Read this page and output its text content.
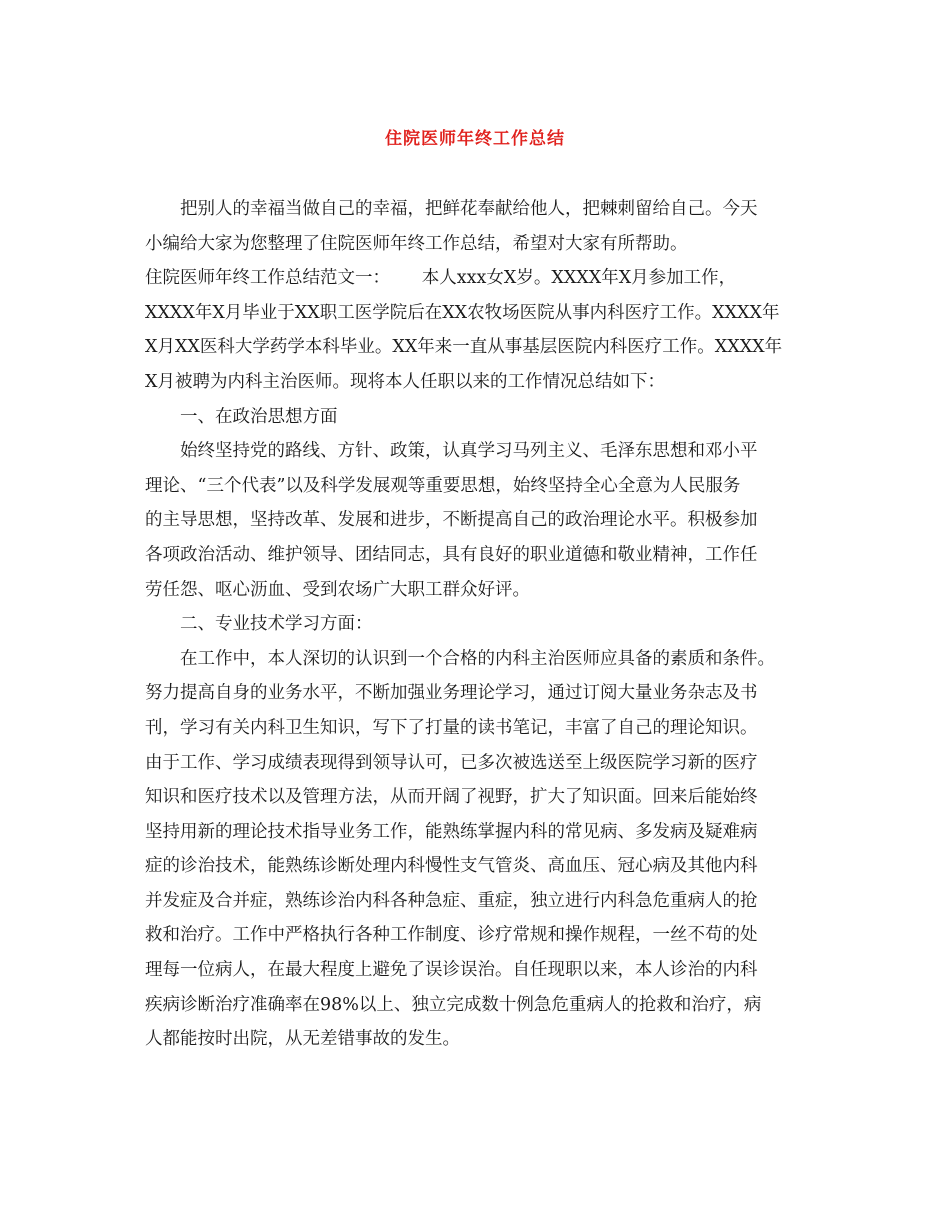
住院医师年终工作总结

把别人的幸福当做自己的幸福，把鲜花奉献给他人，把棘刺留给自己。今天

小编给大家为您整理了住院医师年终工作总结，希望对大家有所帮助。

住院医师年终工作总结范文一：　　 本人xxx女X岁。XXXX年X月参加工作，

XXXX年X月毕业于XX职工医学院后在XX农牧场医院从事内科医疗工作。XXXX年

X月XX医科大学药学本科毕业。XX年来一直从事基层医院内科医疗工作。XXXX年

X月被聘为内科主治医师。现将本人任职以来的工作情况总结如下：

一、在政治思想方面

始终坚持党的路线、方针、政策，认真学习马列主义、毛泽东思想和邓小平

理论、“三个代表”以及科学发展观等重要思想，始终坚持全心全意为人民服务

的主导思想，坚持改革、发展和进步，不断提高自己的政治理论水平。积极参加

各项政治活动、维护领导、团结同志，具有良好的职业道德和敬业精神，工作任

劳任怨、呕心沥血、受到农场广大职工群众好评。

二、专业技术学习方面：

在工作中，本人深切的认识到一个合格的内科主治医师应具备的素质和条件。

努力提高自身的业务水平，不断加强业务理论学习，通过订阅大量业务杂志及书

刊，学习有关内科卫生知识，写下了打量的读书笔记，丰富了自己的理论知识。

由于工作、学习成绩表现得到领导认可，已多次被选送至上级医院学习新的医疗

知识和医疗技术以及管理方法，从而开阔了视野，扩大了知识面。回来后能始终

坚持用新的理论技术指导业务工作，能熟练掌握内科的常见病、多发病及疑难病

症的诊治技术，能熟练诊断处理内科慢性支气管炎、高血压、冠心病及其他内科

并发症及合并症，熟练诊治内科各种急症、重症，独立进行内科急危重病人的抢

救和治疗。工作中严格执行各种工作制度、诊疗常规和操作规程，一丝不苟的处

理每一位病人，在最大程度上避免了误诊误治。自任现职以来，本人诊治的内科

疾病诊断治疗准确率在98%以上、独立完成数十例急危重病人的抢救和治疗，病

人都能按时出院，从无差错事故的发生。
